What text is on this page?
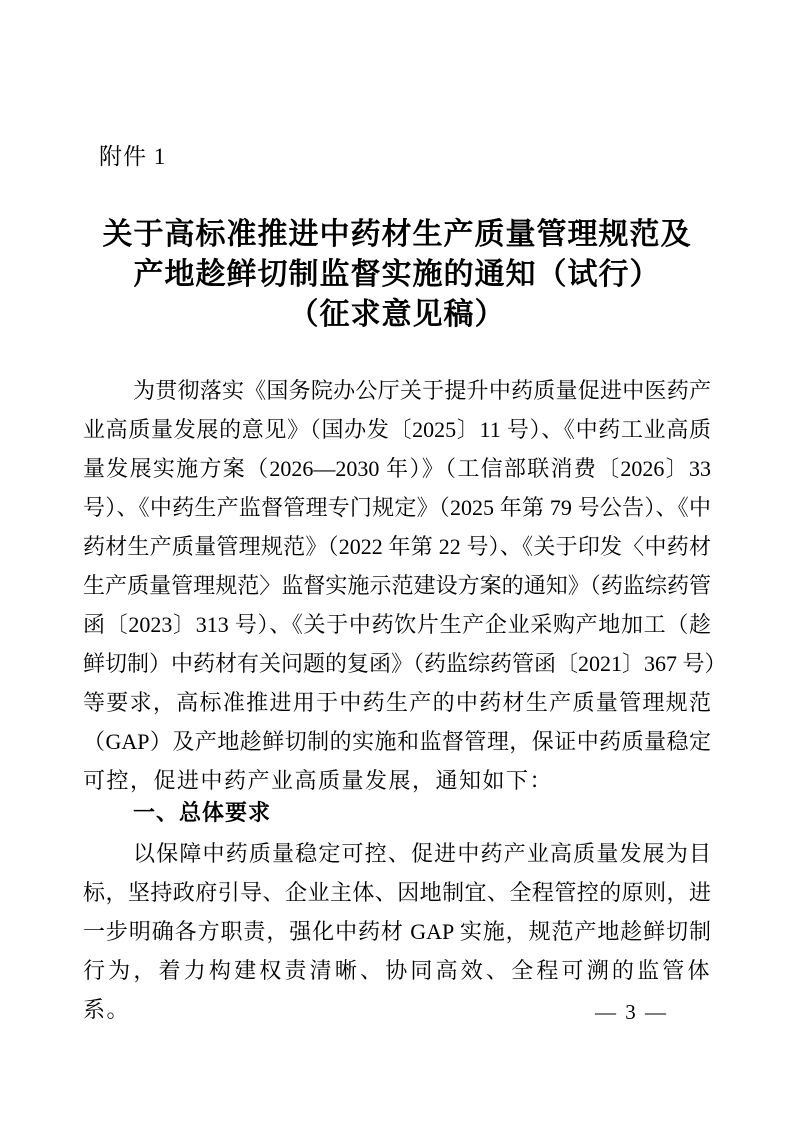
附件 1
关于高标准推进中药材生产质量管理规范及
产地趁鲜切制监督实施的通知（试行）
（征求意见稿）
为贯彻落实《国务院办公厅关于提升中药质量促进中医药产
业高质量发展的意见》（国办发〔2025〕11 号）、《中药工业高质
量发展实施方案（2026—2030 年）》（工信部联消费〔2026〕33
号）、《中药生产监督管理专门规定》（2025 年第 79 号公告）、《中
药材生产质量管理规范》（2022 年第 22 号）、《关于印发〈中药材
生产质量管理规范〉监督实施示范建设方案的通知》（药监综药管
函〔2023〕313 号）、《关于中药饮片生产企业采购产地加工（趁
鲜切制）中药材有关问题的复函》（药监综药管函〔2021〕367 号）
等要求，高标准推进用于中药生产的中药材生产质量管理规范
（GAP）及产地趁鲜切制的实施和监督管理，保证中药质量稳定
可控，促进中药产业高质量发展，通知如下：
一、总体要求
以保障中药质量稳定可控、促进中药产业高质量发展为目
标，坚持政府引导、企业主体、因地制宜、全程管控的原则，进
一步明确各方职责，强化中药材 GAP 实施，规范产地趁鲜切制
行为，着力构建权责清晰、协同高效、全程可溯的监管体系。	— 3 —
